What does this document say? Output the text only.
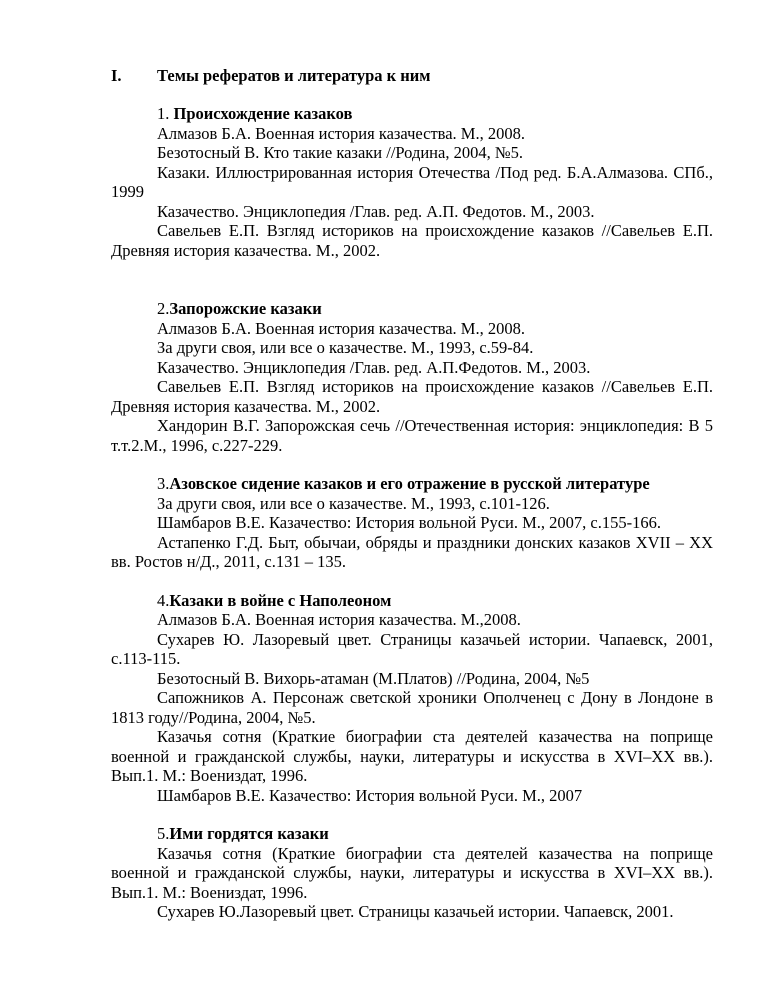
I. Темы рефератов и литература к ним

1. Происхождение казаков

Алмазов Б.А. Военная история казачества. М., 2008.

Безотосный В. Кто такие казаки //Родина, 2004, №5.

Казаки. Иллюстрированная история Отечества /Под ред. Б.А.Алмазова. СПб., 1999

Казачество. Энциклопедия /Глав. ред. А.П. Федотов. М., 2003.

Савельев Е.П. Взгляд историков на происхождение казаков //Савельев Е.П. Древняя история казачества. М., 2002.

2.Запорожские казаки

Алмазов Б.А. Военная история казачества. М., 2008.

За други своя, или все о казачестве. М., 1993, с.59-84.

Казачество. Энциклопедия /Глав. ред. А.П.Федотов. М., 2003.

Савельев Е.П. Взгляд историков на происхождение казаков //Савельев Е.П. Древняя история казачества. М., 2002.

Хандорин В.Г. Запорожская сечь //Отечественная история: энциклопедия: В 5 т.т.2.М., 1996, с.227-229.

3.Азовское сидение казаков и его отражение в русской литературе

За други своя, или все о казачестве. М., 1993, с.101-126.

Шамбаров В.Е. Казачество: История вольной Руси. М., 2007, с.155-166.

Астапенко Г.Д. Быт, обычаи, обряды и праздники донских казаков XVII – XX вв. Ростов н/Д., 2011, с.131 – 135.

4.Казаки в войне с Наполеоном

Алмазов Б.А. Военная история казачества. М.,2008.

Сухарев Ю. Лазоревый цвет. Страницы казачьей истории. Чапаевск, 2001, с.113-115.

Безотосный В. Вихорь-атаман (М.Платов) //Родина, 2004, №5

Сапожников А. Персонаж светской хроники Ополченец с Дону в Лондоне в 1813 году//Родина, 2004, №5.

Казачья сотня (Краткие биографии ста деятелей казачества на поприще военной и гражданской службы, науки, литературы и искусства в XVI–XX вв.). Вып.1. М.: Воениздат, 1996.

Шамбаров В.Е. Казачество: История вольной Руси. М., 2007

5.Ими гордятся казаки

Казачья сотня (Краткие биографии ста деятелей казачества на поприще военной и гражданской службы, науки, литературы и искусства в XVI–XX вв.). Вып.1. М.: Воениздат, 1996.

Сухарев Ю.Лазоревый цвет. Страницы казачьей истории. Чапаевск, 2001.
